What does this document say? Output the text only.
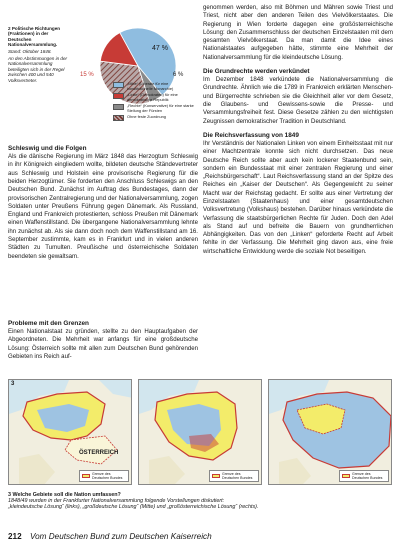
2 Politische Richtungen (Fraktionen) in der Deutschen Nationalversammlung.
Stand: Oktober 1848.
An den Abstimmungen in der Nationalversammlung beteiligten sich in der Regel zwischen 400 und 540 Volksvertreter.
47 %
15 %	6 %
„Mitte“ (Liberale für eine konstitutionelle Monarchie)
„Linke“ (Demokraten) für eine demokratische Republik
„Rechte“ (Konservative) für eine starke Stellung der Fürsten
Ohne feste Zuordnung
Schleswig und die Folgen

Als die dänische Regierung im März 1848 das Herzogtum Schleswig in ihr Königreich eingliedern wollte, bildeten deutsche Ständevertreter aus Schleswig und Holstein eine provisorische Regierung für die beiden Herzogtümer. Sie forderten den Anschluss Schleswigs an den Deutschen Bund. Zunächst im Auftrag des Bundestages, dann der provisorischen Zentralregierung und der Nationalversammlung, zogen Soldaten unter Preußens Führung gegen Dänemark. Als Russland, England und Frankreich protestierten, schloss Preußen mit Dänemark einen Waffenstillstand. Die übergangene Nationalversammlung lehnte ihn zunächst ab. Als sie dann doch noch dem Waffenstillstand am 16. September zustimmte, kam es in Frankfurt und in vielen anderen Städten zu Tumulten. Preußische und österreichische Soldaten beendeten sie gewaltsam.

Probleme mit den Grenzen

Einen Nationalstaat zu gründen, stellte zu den Hauptaufgaben der Abgeordneten. Die Mehrheit war anfangs für eine großdeutsche Lösung: Österreich sollte mit allen zum Deutschen Bund gehörenden Gebieten ins Reich auf-

genommen werden, also mit Böhmen und Mähren sowie Triest und Triest, nicht aber den anderen Teilen des Vielvölkerstaates. Die Regierung in Wien forderte dagegen eine großösterreichische Lösung: den Zusammenschluss der deutschen Einzelstaaten mit dem gesamten Vielvölkerstaat. Da man damit die Idee eines Nationalstaates aufgegeben hätte, stimmte eine Mehrheit der Nationalversammlung für die kleindeutsche Lösung.

Die Grundrechte werden verkündet

Im Dezember 1848 verkündete die Nationalversammlung die Grundrechte. Ähnlich wie die 1789 in Frankreich erklärten Menschen- und Bürgerrechte schrieben sie die Gleichheit aller vor dem Gesetz, die Glaubens- und Gewissens-sowie die Presse- und Versammlungsfreiheit fest. Diese Gesetze zählen zu den wichtigsten Zeugnissen demokratischer Tradition in Deutschland.

Die Reichsverfassung von 1849

Ihr Verständnis der Nationalen Linken von einem Einheitsstaat mit nur einer Machtzentrale konnte sich nicht durchsetzen. Das neue Deutsche Reich sollte aber auch kein lockerer Staatenbund sein, sondern ein Bundesstaat mit einer zentralen Regierung und einer „Reichsbürgerschaft“. Laut Reichsverfassung stand an der Spitze des Reiches ein „Kaiser der Deutschen“. Als Gegengewicht zu seiner Macht war der Reichstag gedacht. Er sollte aus einer Vertretung der Einzelstaaten (Staatenhaus) und einer gesamtdeutschen Volksvertretung (Volkshaus) bestehen. Darüber hinaus verkündete die Verfassung die staatsbürgerlichen Rechte für Juden. Doch den Adel als Stand auf und befreite die Bauern von grundherrlichen Abhängigkeiten. Das von den „Linken“ geforderte Recht auf Arbeit fehlte in der Verfassung. Die Mehrheit ging davon aus, eine freie wirtschaftliche Entwicklung werde die soziale Not beseitigen.

ÖSTERREICH
3
Grenze des Deutschen Bundes
Grenze des Deutschen Bundes
Grenze des Deutschen Bundes
3 Welche Gebiete soll die Nation umfassen?
1848/49 wurden in der Frankfurter Nationalversammlung folgende Vorstellungen diskutiert:
„kleindeutsche Lösung“ (links), „großdeutsche Lösung“ (Mitte) und „großösterreichische Lösung“ (rechts).
212 Vom Deutschen Bund zum Deutschen Kaiserreich
